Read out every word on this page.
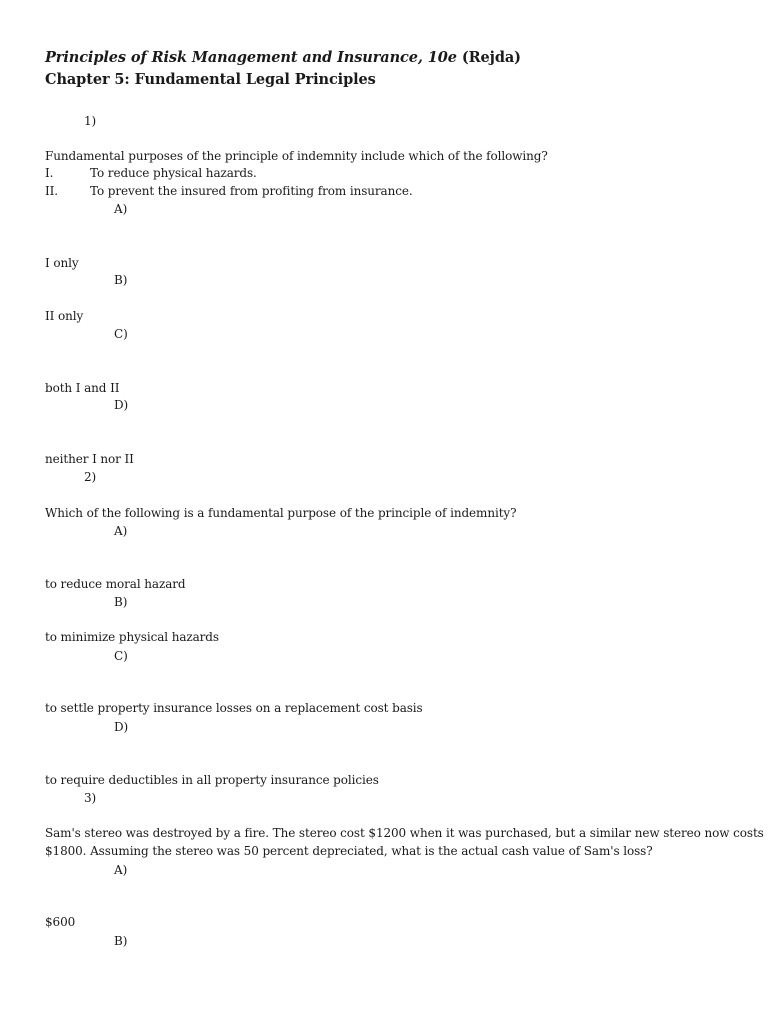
Principles of Risk Management and Insurance, 10e (Rejda)
Chapter 5: Fundamental Legal Principles
1)
Fundamental purposes of the principle of indemnity include which of the following?
I.	To reduce physical hazards.
II.	To prevent the insured from profiting from insurance.
A)
I only
B)
II only
C)
both I and II
D)
neither I nor II
2)
Which of the following is a fundamental purpose of the principle of indemnity?
A)
to reduce moral hazard
B)
to minimize physical hazards
C)
to settle property insurance losses on a replacement cost basis
D)
to require deductibles in all property insurance policies
3)
Sam's stereo was destroyed by a fire. The stereo cost $1200 when it was purchased, but a similar new stereo now costs
$1800. Assuming the stereo was 50 percent depreciated, what is the actual cash value of Sam's loss?
A)
$600
B)
